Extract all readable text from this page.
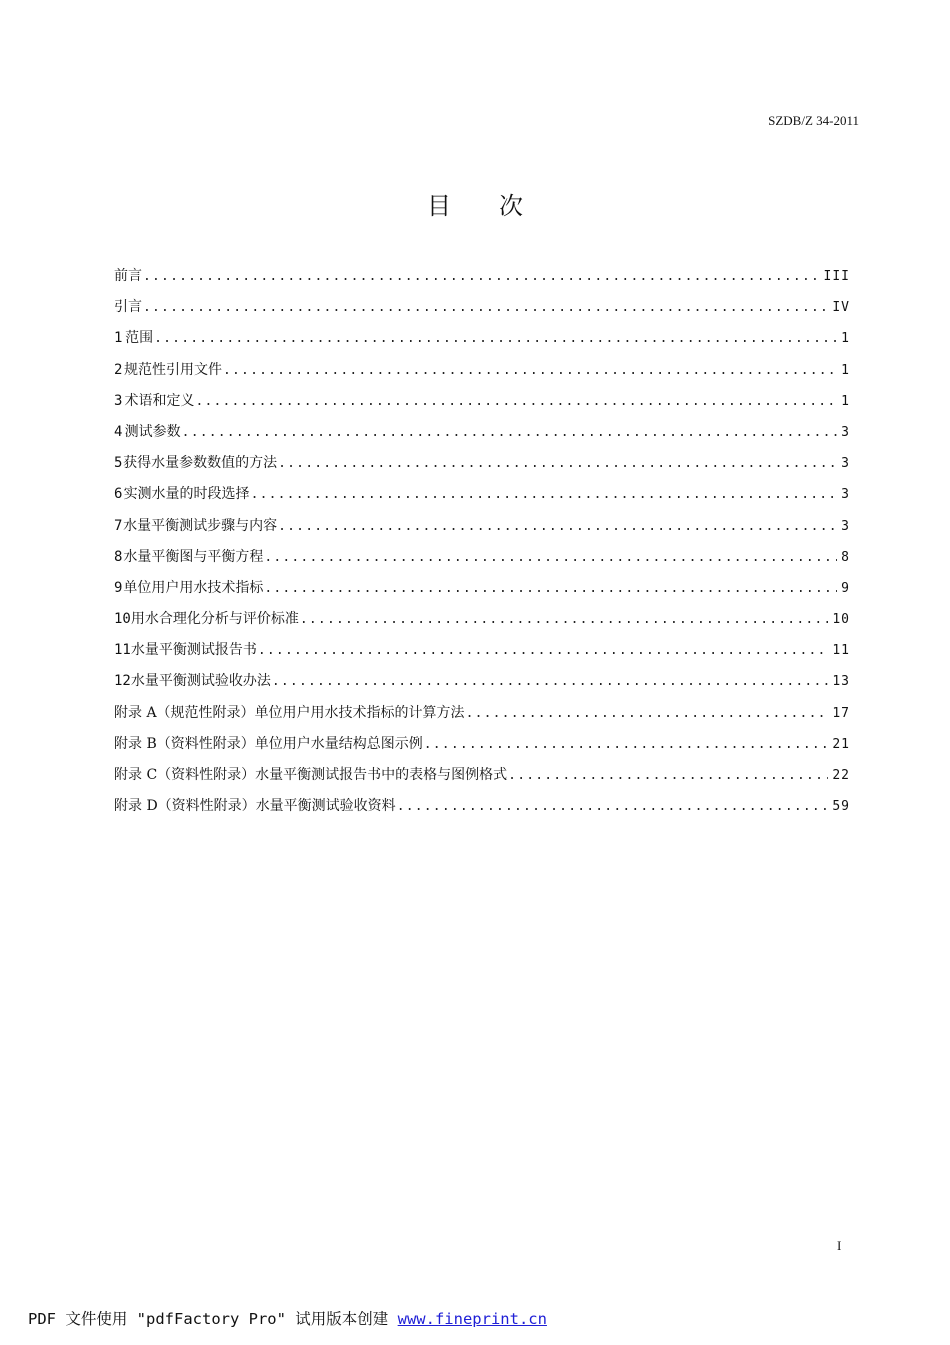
SZDB/Z 34-2011
目 次
前言 .....	III
引言 .....	IV
1 范围 .....	1
2 规范性引用文件 .....	1
3 术语和定义 .....	1
4 测试参数 .....	3
5 获得水量参数数值的方法 .....	3
6 实测水量的时段选择 .....	3
7 水量平衡测试步骤与内容 .....	3
8 水量平衡图与平衡方程 .....	8
9 单位用户用水技术指标 .....	9
10 用水合理化分析与评价标准 .....	10
11 水量平衡测试报告书 .....	11
12 水量平衡测试验收办法 .....	13
附录 A（规范性附录） 单位用户用水技术指标的计算方法 .....	17
附录 B（资料性附录） 单位用户水量结构总图示例 .....	21
附录 C（资料性附录） 水量平衡测试报告书中的表格与图例格式 .....	22
附录 D（资料性附录） 水量平衡测试验收资料 .....	59
I
PDF 文件使用 "pdfFactory Pro" 试用版本创建 www.fineprint.cn
